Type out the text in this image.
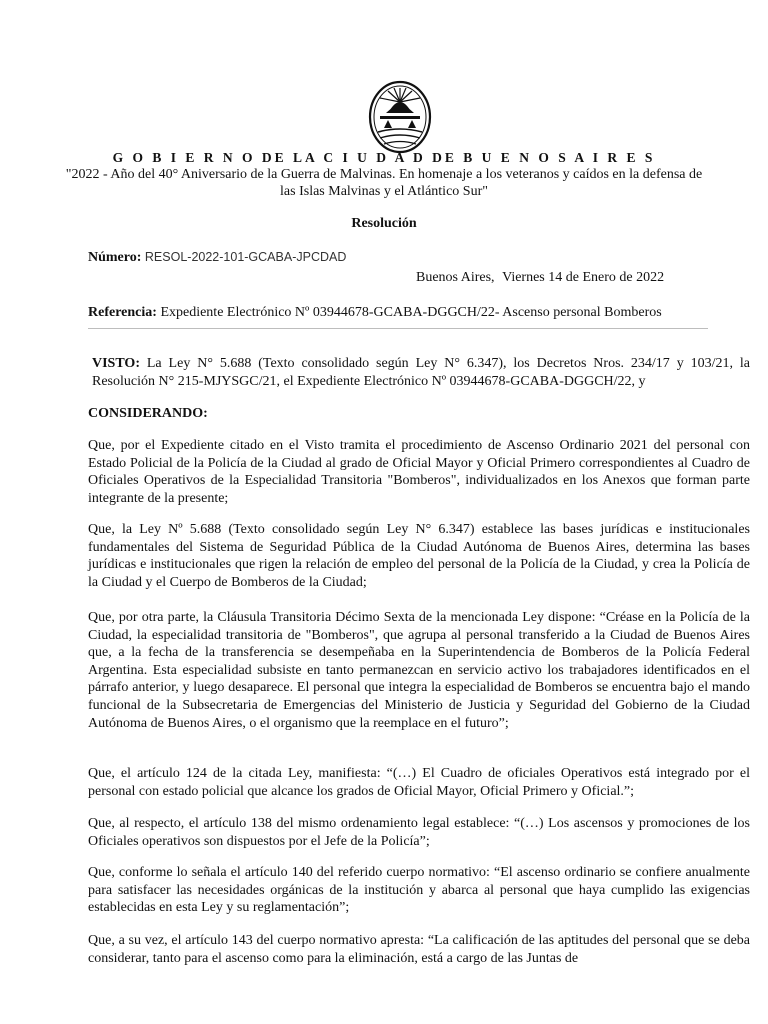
G O B I E R N O DE LA C I U D A D DE B U E N O S A I R E S
"2022 - Año del 40° Aniversario de la Guerra de Malvinas. En homenaje a los veteranos y caídos en la defensa de las Islas Malvinas y el Atlántico Sur"
Resolución
Número: RESOL-2022-101-GCABA-JPCDAD
Buenos Aires, Viernes 14 de Enero de 2022
Referencia: Expediente Electrónico Nº 03944678-GCABA-DGGCH/22- Ascenso personal Bomberos
VISTO: La Ley N° 5.688 (Texto consolidado según Ley N° 6.347), los Decretos Nros. 234/17 y 103/21, la Resolución N° 215-MJYSGC/21, el Expediente Electrónico Nº 03944678-GCABA-DGGCH/22, y
CONSIDERANDO:
Que, por el Expediente citado en el Visto tramita el procedimiento de Ascenso Ordinario 2021 del personal con Estado Policial de la Policía de la Ciudad al grado de Oficial Mayor y Oficial Primero correspondientes al Cuadro de Oficiales Operativos de la Especialidad Transitoria "Bomberos", individualizados en los Anexos que forman parte integrante de la presente;
Que, la Ley Nº 5.688 (Texto consolidado según Ley N° 6.347) establece las bases jurídicas e institucionales fundamentales del Sistema de Seguridad Pública de la Ciudad Autónoma de Buenos Aires, determina las bases jurídicas e institucionales que rigen la relación de empleo del personal de la Policía de la Ciudad, y crea la Policía de la Ciudad y el Cuerpo de Bomberos de la Ciudad;
Que, por otra parte, la Cláusula Transitoria Décimo Sexta de la mencionada Ley dispone: “Créase en la Policía de la Ciudad, la especialidad transitoria de "Bomberos", que agrupa al personal transferido a la Ciudad de Buenos Aires que, a la fecha de la transferencia se desempeñaba en la Superintendencia de Bomberos de la Policía Federal Argentina. Esta especialidad subsiste en tanto permanezcan en servicio activo los trabajadores identificados en el párrafo anterior, y luego desaparece. El personal que integra la especialidad de Bomberos se encuentra bajo el mando funcional de la Subsecretaria de Emergencias del Ministerio de Justicia y Seguridad del Gobierno de la Ciudad Autónoma de Buenos Aires, o el organismo que la reemplace en el futuro”;
Que, el artículo 124 de la citada Ley, manifiesta: “(…) El Cuadro de oficiales Operativos está integrado por el personal con estado policial que alcance los grados de Oficial Mayor, Oficial Primero y Oficial.”;
Que, al respecto, el artículo 138 del mismo ordenamiento legal establece: “(…) Los ascensos y promociones de los Oficiales operativos son dispuestos por el Jefe de la Policía”;
Que, conforme lo señala el artículo 140 del referido cuerpo normativo: “El ascenso ordinario se confiere anualmente para satisfacer las necesidades orgánicas de la institución y abarca al personal que haya cumplido las exigencias establecidas en esta Ley y su reglamentación”;
Que, a su vez, el artículo 143 del cuerpo normativo apresta: “La calificación de las aptitudes del personal que se deba considerar, tanto para el ascenso como para la eliminación, está a cargo de las Juntas de
